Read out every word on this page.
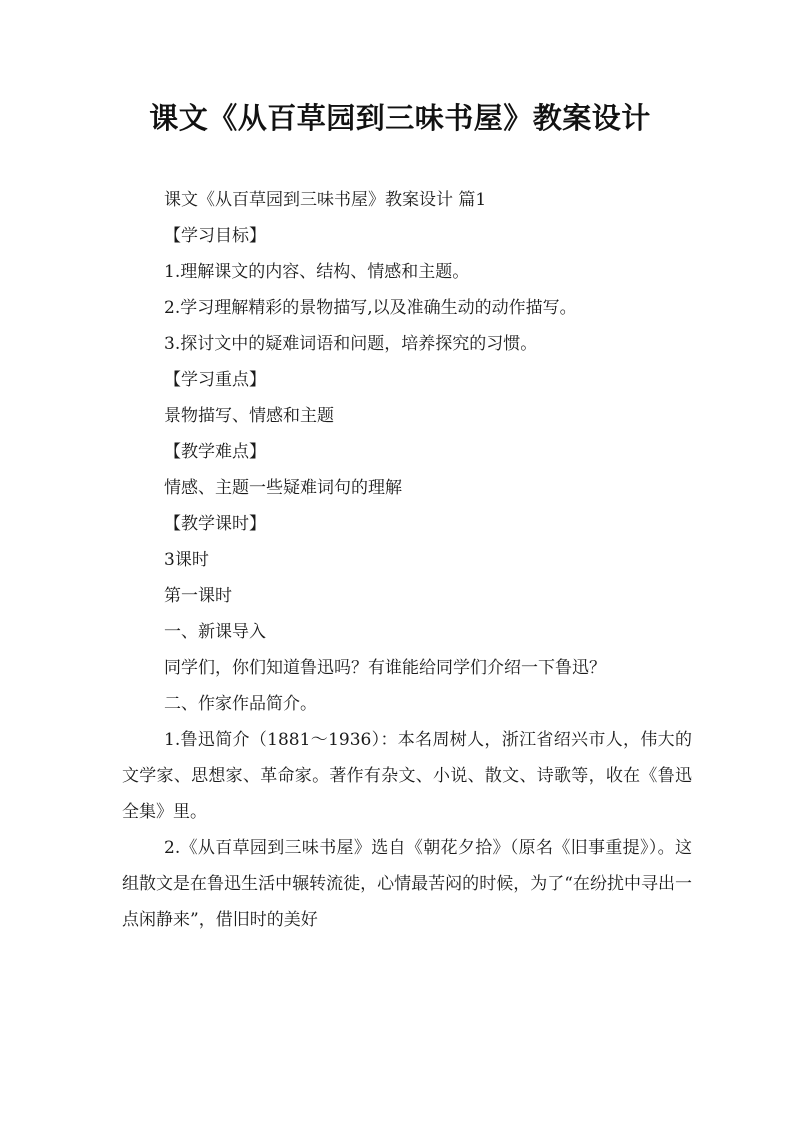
课文《从百草园到三味书屋》教案设计
课文《从百草园到三味书屋》教案设计 篇1
【学习目标】
1.理解课文的内容、结构、情感和主题。
2.学习理解精彩的景物描写,以及准确生动的动作描写。
3.探讨文中的疑难词语和问题，培养探究的习惯。
【学习重点】
景物描写、情感和主题
【教学难点】
情感、主题一些疑难词句的理解
【教学课时】
3课时
第一课时
一、新课导入

同学们，你们知道鲁迅吗？有谁能给同学们介绍一下鲁迅？

二、作家作品简介。

1.鲁迅简介（1881～1936）：本名周树人，浙江省绍兴市人，伟大的文学家、思想家、革命家。著作有杂文、小说、散文、诗歌等，收在《鲁迅全集》里。

2.《从百草园到三味书屋》选自《朝花夕拾》（原名《旧事重提》）。这组散文是在鲁迅生活中辗转流徙，心情最苦闷的时候，为了“在纷扰中寻出一点闲静来”，借旧时的美好
